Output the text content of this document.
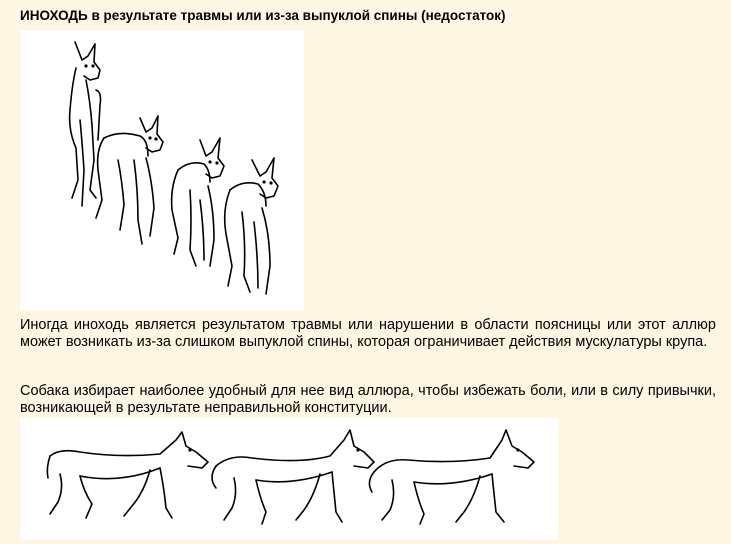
ИНОХОДЬ в результате травмы или из-за выпуклой спины (недостаток)

Иногда иноходь является результатом травмы или нарушении в области поясницы или этот аллюр может возникать из-за слишком выпуклой спины, которая ограничивает действия мускулатуры крупа.

Собака избирает наиболее удобный для нее вид аллюра, чтобы избежать боли, или в силу привычки, возникающей в результате неправильной конституции.
